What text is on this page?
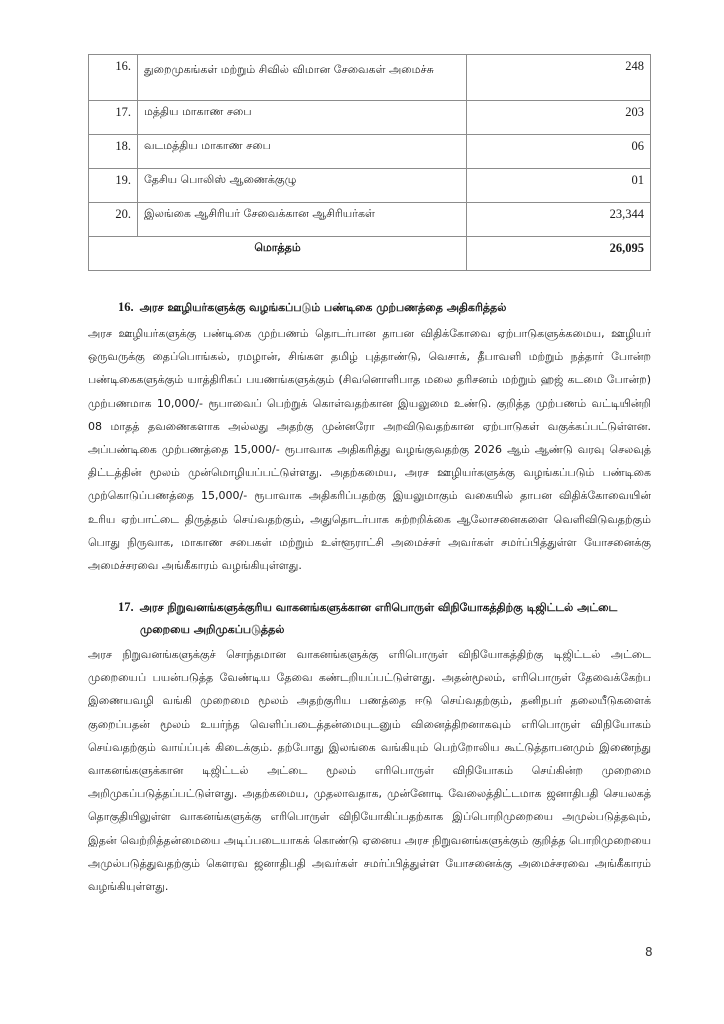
16.	துறைமுகங்கள் மற்றும் சிவில் விமான சேவைகள் அமைச்சு	248
17.	மத்திய மாகாண சபை	203
18.	வடமத்திய மாகாண சபை	06
19.	தேசிய பொலிஸ் ஆணைக்குழு	01
20.	இலங்கை ஆசிரியர் சேவைக்கான ஆசிரியர்கள்	23,344
மொத்தம்		26,095
16. அரச ஊழியர்களுக்கு வழங்கப்படும் பண்டிகை முற்பணத்தை அதிகரித்தல்
அரச ஊழியர்களுக்கு பண்டிகை முற்பணம் தொடர்பான தாபன விதிக்கோவை ஏற்பாடுகளுக்கமைய, ஊழியர் ஒருவருக்கு தைப்பொங்கல், ரமழான், சிங்கள தமிழ் புத்தாண்டு, வெசாக், தீபாவளி மற்றும் நத்தார் போன்ற பண்டிகைகளுக்கும் யாத்திரிகப் பயணங்களுக்கும் (சிவனொளிபாத மலை தரிசனம் மற்றும் ஹஜ் கடமை போன்ற) முற்பணமாக 10,000/- ரூபாவைப் பெற்றுக் கொள்வதற்கான இயலுமை உண்டு. குறித்த முற்பணம் வட்டியின்றி 08 மாதத் தவணைகளாக அல்லது அதற்கு முன்னரோ அறவிடுவதற்கான ஏற்பாடுகள் வகுக்கப்பட்டுள்ளன. அப்பண்டிகை முற்பணத்தை 15,000/- ரூபாவாக அதிகரித்து வழங்குவதற்கு 2026 ஆம் ஆண்டு வரவு செலவுத் திட்டத்தின் மூலம் முன்மொழியப்பட்டுள்ளது. அதற்கமைய, அரச ஊழியர்களுக்கு வழங்கப்படும் பண்டிகை முற்கொடுப்பணத்தை 15,000/- ரூபாவாக அதிகரிப்பதற்கு இயலுமாகும் வகையில் தாபன விதிக்கோவையின் உரிய ஏற்பாட்டை திருத்தம் செய்வதற்கும், அதுதொடர்பாக சுற்றறிக்கை ஆலோசனைகளை வெளிவிடுவதற்கும் பொது நிருவாக, மாகாண சபைகள் மற்றும் உள்ளூராட்சி அமைச்சர் அவர்கள் சமர்ப்பித்துள்ள யோசனைக்கு அமைச்சரவை அங்கீகாரம் வழங்கியுள்ளது.
17. அரச நிறுவனங்களுக்குரிய வாகனங்களுக்கான எரிபொருள் விநியோகத்திற்கு டிஜிட்டல் அட்டை
முறையை அறிமுகப்படுத்தல்
அரச நிறுவனங்களுக்குச் சொந்தமான வாகனங்களுக்கு எரிபொருள் விநியோகத்திற்கு டிஜிட்டல் அட்டை முறையைப் பயன்படுத்த வேண்டிய தேவை கண்டறியப்பட்டுள்ளது. அதன்மூலம், எரிபொருள் தேவைக்கேற்ப இணையவழி வங்கி முறைமை மூலம் அதற்குரிய பணத்தை ஈடு செய்வதற்கும், தனிநபர் தலையீடுகளைக் குறைப்பதன் மூலம் உயர்ந்த வெளிப்படைத்தன்மையுடனும் வினைத்திறனாகவும் எரிபொருள் விநியோகம் செய்வதற்கும் வாய்ப்புக் கிடைக்கும். தற்போது இலங்கை வங்கியும் பெற்றோலிய கூட்டுத்தாபனமும் இணைந்து வாகனங்களுக்கான டிஜிட்டல் அட்டை மூலம் எரிபொருள் விநியோகம் செய்கின்ற முறைமை அறிமுகப்படுத்தப்பட்டுள்ளது. அதற்கமைய, முதலாவதாக, முன்னோடி வேலைத்திட்டமாக ஜனாதிபதி செயலகத் தொகுதியிலுள்ள வாகனங்களுக்கு எரிபொருள் விநியோகிப்பதற்காக இப்பொறிமுறையை அமுல்படுத்தவும், இதன் வெற்றித்தன்மையை அடிப்படையாகக் கொண்டு ஏனைய அரச நிறுவனங்களுக்கும் குறித்த பொறிமுறையை அமுல்படுத்துவதற்கும் கௌரவ ஜனாதிபதி அவர்கள் சமர்ப்பித்துள்ள யோசனைக்கு அமைச்சரவை அங்கீகாரம் வழங்கியுள்ளது.
8
